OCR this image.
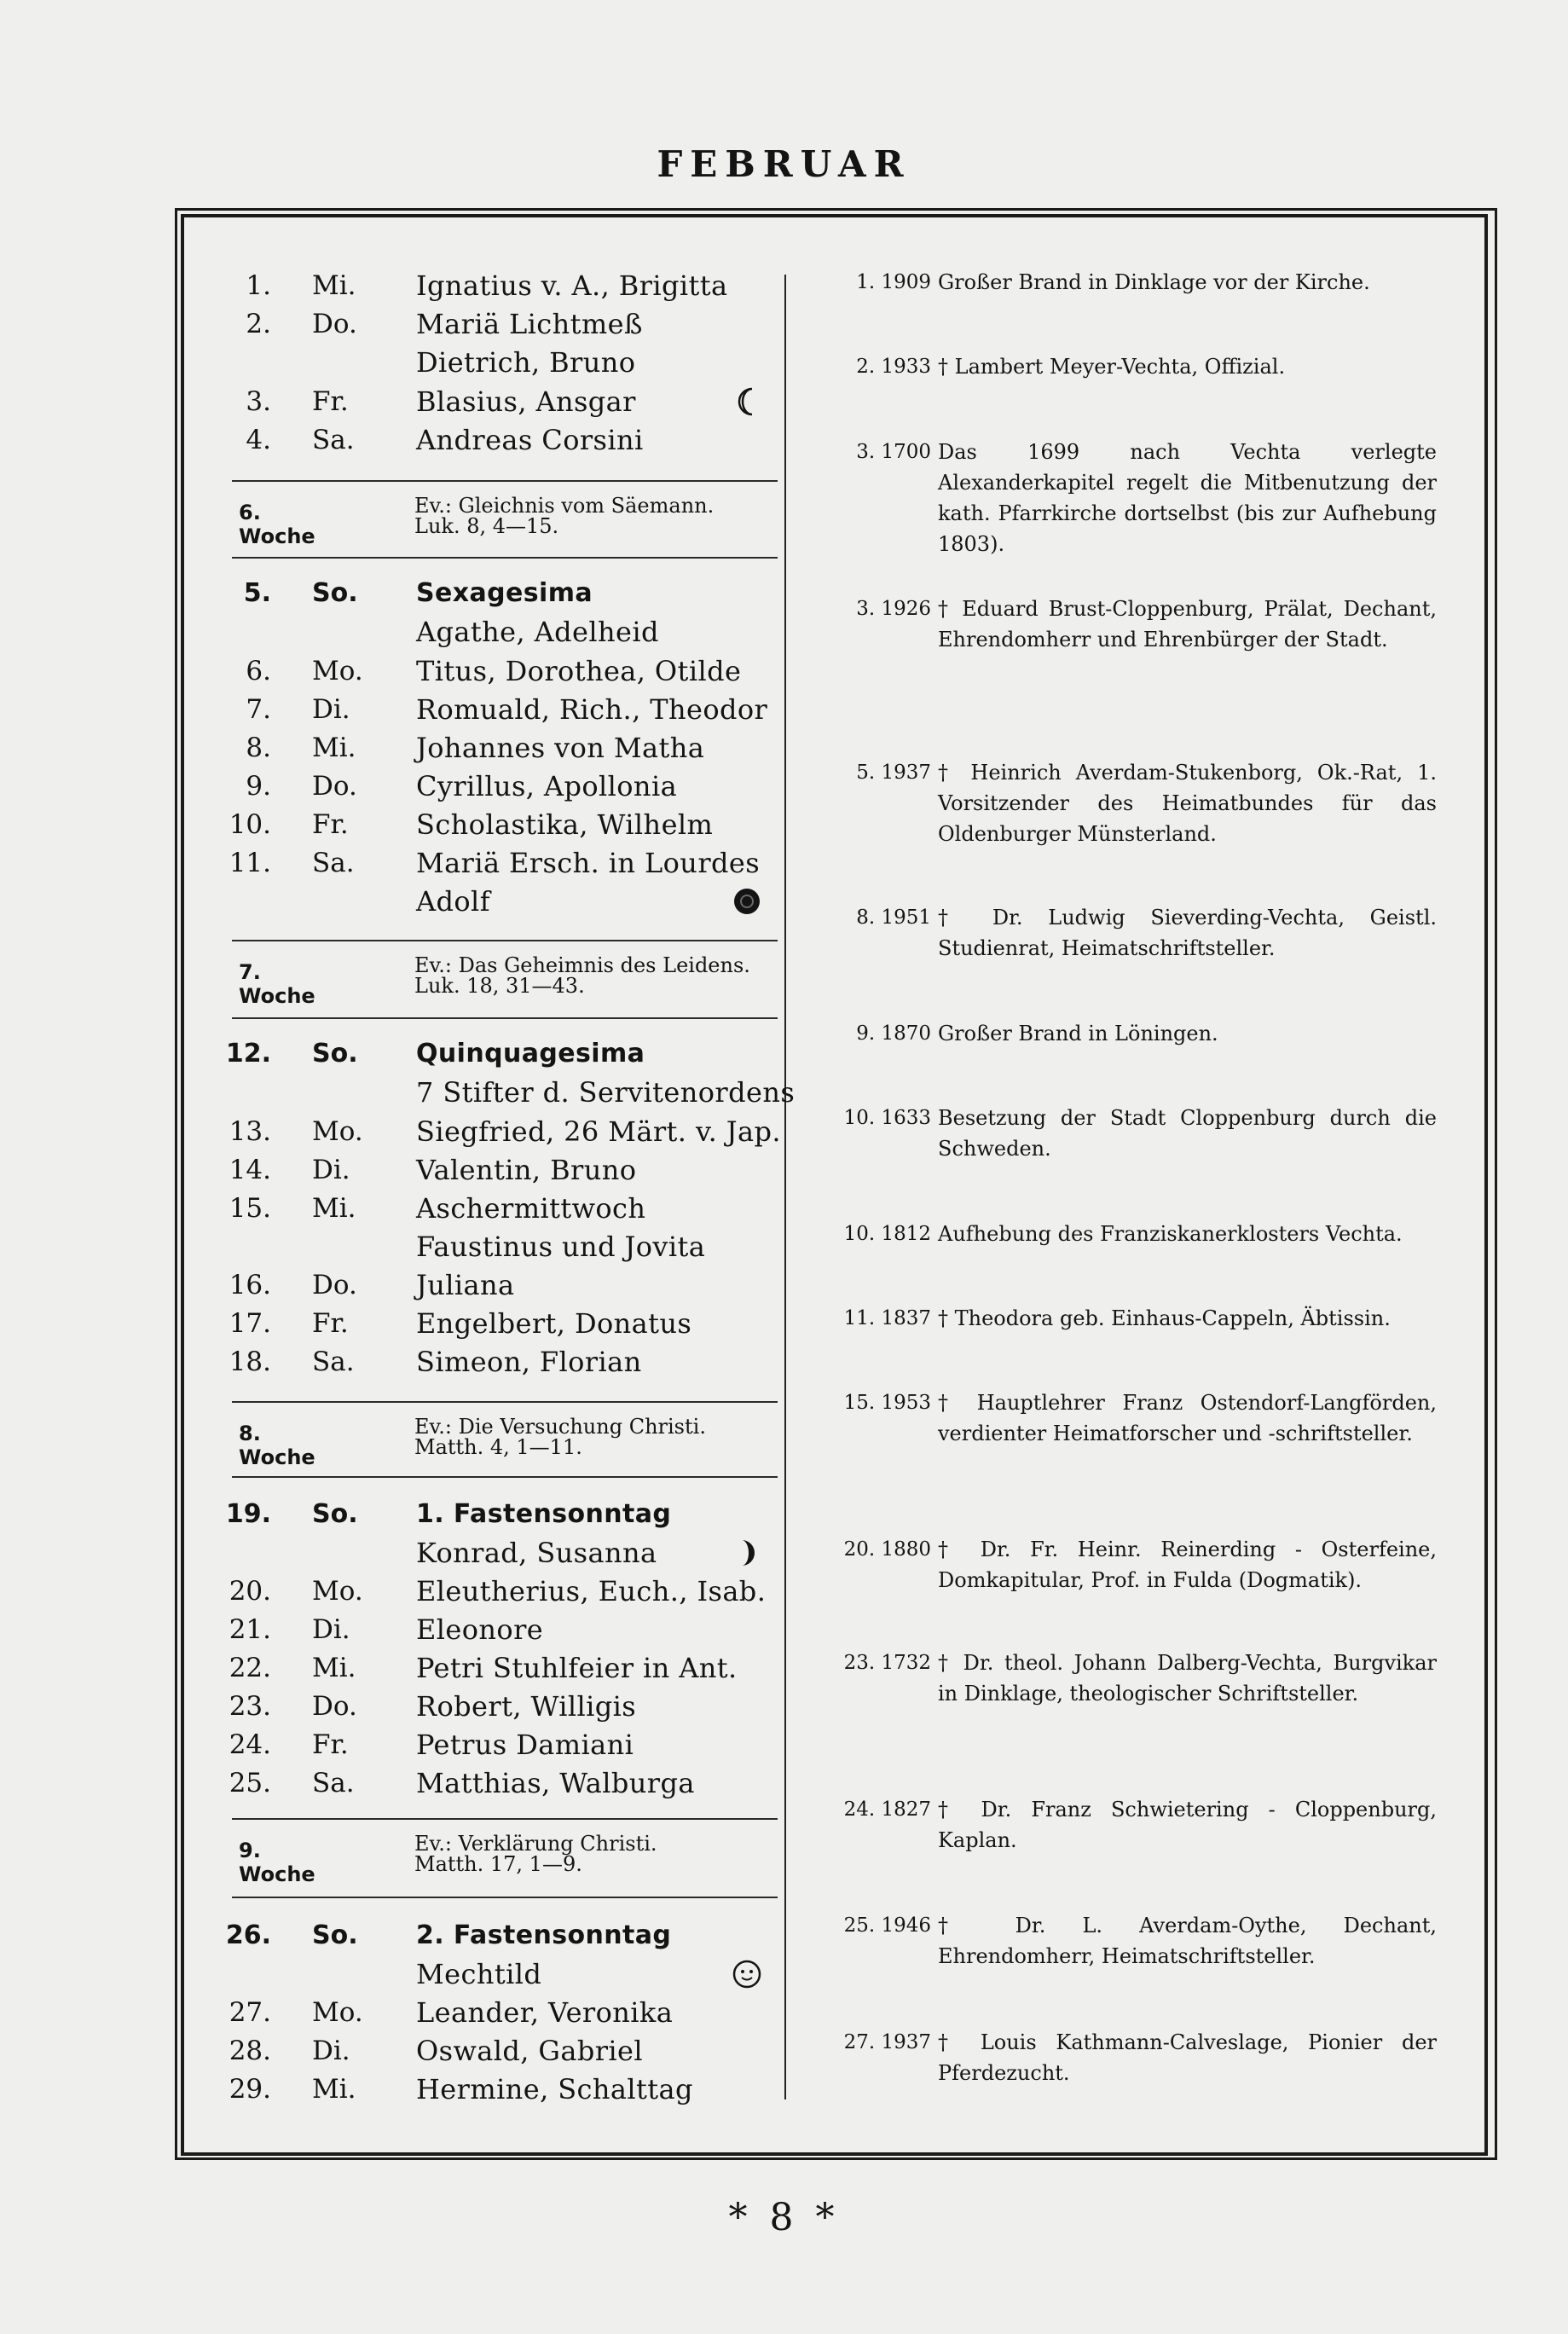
FEBRUAR
1. Mi. Ignatius v. A., Brigitta
2. Do. Mariä Lichtmeß
Dietrich, Bruno
3. Fr. Blasius, Ansgar
4. Sa. Andreas Corsini
5. So. Sexagesima
Agathe, Adelheid
6. Mo. Titus, Dorothea, Otilde
7. Di. Romuald, Rich., Theodor
8. Mi. Johannes von Matha
9. Do. Cyrillus, Apollonia
10. Fr. Scholastika, Wilhelm
11. Sa. Mariä Ersch. in Lourdes
Adolf
12. So. Quinquagesima
7 Stifter d. Servitenordens
13. Mo. Siegfried, 26 Märt. v. Jap.
14. Di. Valentin, Bruno
15. Mi. Aschermittwoch
Faustinus und Jovita
16. Do. Juliana
17. Fr. Engelbert, Donatus
18. Sa. Simeon, Florian
19. So. 1. Fastensonntag
Konrad, Susanna
20. Mo. Eleutherius, Euch., Isab.
21. Di. Eleonore
22. Mi. Petri Stuhlfeier in Ant.
23. Do. Robert, Willigis
24. Fr. Petrus Damiani
25. Sa. Matthias, Walburga
26. So. 2. Fastensonntag
Mechtild
27. Mo. Leander, Veronika
28. Di. Oswald, Gabriel
29. Mi. Hermine, Schalttag
6. Woche
Ev.: Gleichnis vom Säemann.
Luk. 8, 4—15.
7. Woche
Ev.: Das Geheimnis des Leidens.
Luk. 18, 31—43.
8. Woche
Ev.: Die Versuchung Christi.
Matth. 4, 1—11.
9. Woche
Ev.: Verklärung Christi.
Matth. 17, 1—9.
1. 1909 Großer Brand in Dinklage vor der Kirche.
2. 1933 † Lambert Meyer-Vechta, Offizial.
3. 1700 Das 1699 nach Vechta verlegte Alexanderkapitel regelt die Mitbenutzung der kath. Pfarrkirche dortselbst (bis zur Aufhebung 1803).
3. 1926 † Eduard Brust-Cloppenburg, Prälat, Dechant, Ehrendomherr und Ehrenbürger der Stadt.
5. 1937 † Heinrich Averdam-Stukenborg, Ok.-Rat, 1. Vorsitzender des Heimatbundes für das Oldenburger Münsterland.
8. 1951 † Dr. Ludwig Sieverding-Vechta, Geistl. Studienrat, Heimatschriftsteller.
9. 1870 Großer Brand in Löningen.
10. 1633 Besetzung der Stadt Cloppenburg durch die Schweden.
10. 1812 Aufhebung des Franziskanerklosters Vechta.
11. 1837 † Theodora geb. Einhaus-Cappeln, Äbtissin.
15. 1953 † Hauptlehrer Franz Ostendorf-Langförden, verdienter Heimatforscher und -schriftsteller.
20. 1880 † Dr. Fr. Heinr. Reinerding - Osterfeine, Domkapitular, Prof. in Fulda (Dogmatik).
23. 1732 † Dr. theol. Johann Dalberg-Vechta, Burgvikar in Dinklage, theologischer Schriftsteller.
24. 1827 † Dr. Franz Schwietering - Cloppenburg, Kaplan.
25. 1946 † Dr. L. Averdam-Oythe, Dechant, Ehrendomherr, Heimatschriftsteller.
27. 1937 † Louis Kathmann-Calveslage, Pionier der Pferdezucht.
* 8 *
